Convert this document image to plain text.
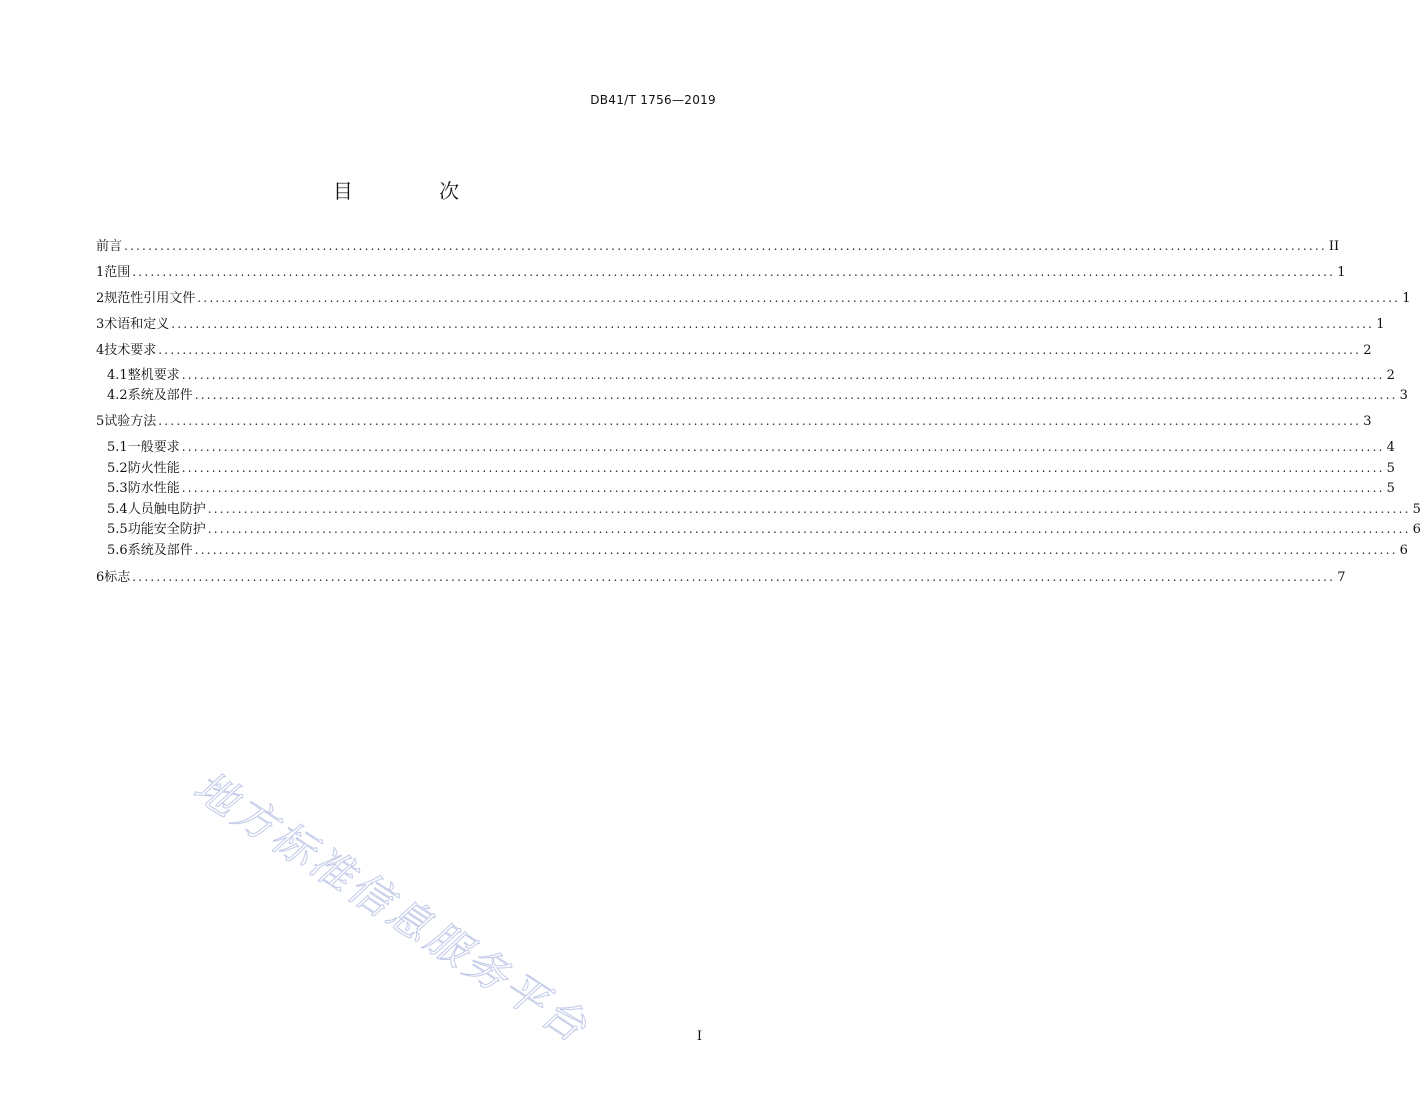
DB41/T 1756—2019
目 次
前言 ........................................................................................................................................................................................................ II
1 范围 ........................................................................................................................................................................................................ 1
2 规范性引用文件 ........................................................................................................................................................................................................ 1
3 术语和定义 ........................................................................................................................................................................................................ 1
4 技术要求 ........................................................................................................................................................................................................ 2
4.1 整机要求 ........................................................................................................................................................................................................ 2
4.2 系统及部件 ........................................................................................................................................................................................................ 3
5 试验方法 ........................................................................................................................................................................................................ 3
5.1 一般要求 ........................................................................................................................................................................................................ 4
5.2 防火性能 ........................................................................................................................................................................................................ 5
5.3 防水性能 ........................................................................................................................................................................................................ 5
5.4 人员触电防护 ........................................................................................................................................................................................................ 5
5.5 功能安全防护 ........................................................................................................................................................................................................ 6
5.6 系统及部件 ........................................................................................................................................................................................................ 6
6 标志 ........................................................................................................................................................................................................ 7
地方标准信息服务平台	I
